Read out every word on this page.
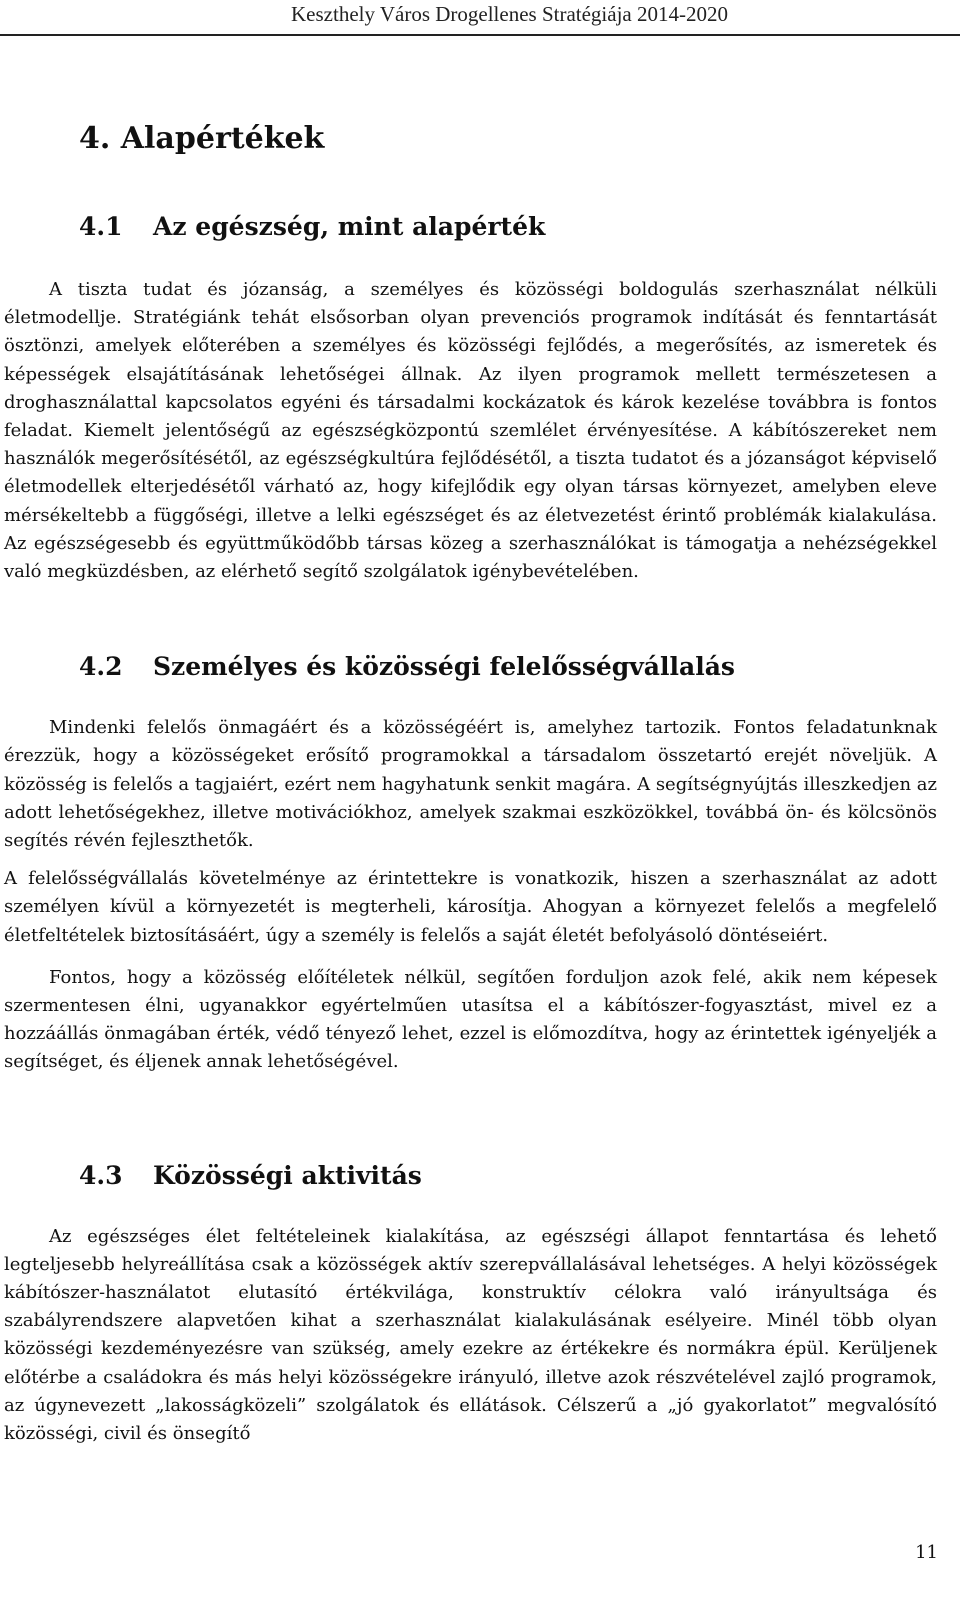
Keszthely Város Drogellenes Stratégiája 2014-2020
4. Alapértékek
4.1	Az egészség, mint alapérték

A tiszta tudat és józanság, a személyes és közösségi boldogulás szerhasználat nélküli életmodellje. Stratégiánk tehát elsősorban olyan prevenciós programok indítását és fenntartását ösztönzi, amelyek előterében a személyes és közösségi fejlődés, a megerősítés, az ismeretek és képességek elsajátításának lehetőségei állnak. Az ilyen programok mellett természetesen a droghasználattal kapcsolatos egyéni és társadalmi kockázatok és károk kezelése továbbra is fontos feladat. Kiemelt jelentőségű az egészségközpontú szemlélet érvényesítése. A kábítószereket nem használók megerősítésétől, az egészségkultúra fejlődésétől, a tiszta tudatot és a józanságot képviselő életmodellek elterjedésétől várható az, hogy kifejlődik egy olyan társas környezet, amelyben eleve mérsékeltebb a függőségi, illetve a lelki egészséget és az életvezetést érintő problémák kialakulása. Az egészségesebb és együttműködőbb társas közeg a szerhasználókat is támogatja a nehézségekkel való megküzdésben, az elérhető segítő szolgálatok igénybevételében.

4.2	Személyes és közösségi felelősségvállalás

Mindenki felelős önmagáért és a közösségéért is, amelyhez tartozik. Fontos feladatunknak érezzük, hogy a közösségeket erősítő programokkal a társadalom összetartó erejét növeljük. A közösség is felelős a tagjaiért, ezért nem hagyhatunk senkit magára. A segítségnyújtás illeszkedjen az adott lehetőségekhez, illetve motivációkhoz, amelyek szakmai eszközökkel, továbbá ön- és kölcsönös segítés révén fejleszthetők.

A felelősségvállalás követelménye az érintettekre is vonatkozik, hiszen a szerhasználat az adott személyen kívül a környezetét is megterheli, károsítja. Ahogyan a környezet felelős a megfelelő életfeltételek biztosításáért, úgy a személy is felelős a saját életét befolyásoló döntéseiért.

Fontos, hogy a közösség előítéletek nélkül, segítően forduljon azok felé, akik nem képesek szermentesen élni, ugyanakkor egyértelműen utasítsa el a kábítószer-fogyasztást, mivel ez a hozzáállás önmagában érték, védő tényező lehet, ezzel is előmozdítva, hogy az érintettek igényeljék a segítséget, és éljenek annak lehetőségével.

4.3	Közösségi aktivitás

Az egészséges élet feltételeinek kialakítása, az egészségi állapot fenntartása és lehető legteljesebb helyreállítása csak a közösségek aktív szerepvállalásával lehetséges. A helyi közösségek kábítószer-használatot elutasító értékvilága, konstruktív célokra való irányultsága és szabályrendszere alapvetően kihat a szerhasználat kialakulásának esélyeire. Minél több olyan közösségi kezdeményezésre van szükség, amely ezekre az értékekre és normákra épül. Kerüljenek előtérbe a családokra és más helyi közösségekre irányuló, illetve azok részvételével zajló programok, az úgynevezett „lakosságközeli” szolgálatok és ellátások. Célszerű a „jó gyakorlatot” megvalósító közösségi, civil és önsegítő

11
